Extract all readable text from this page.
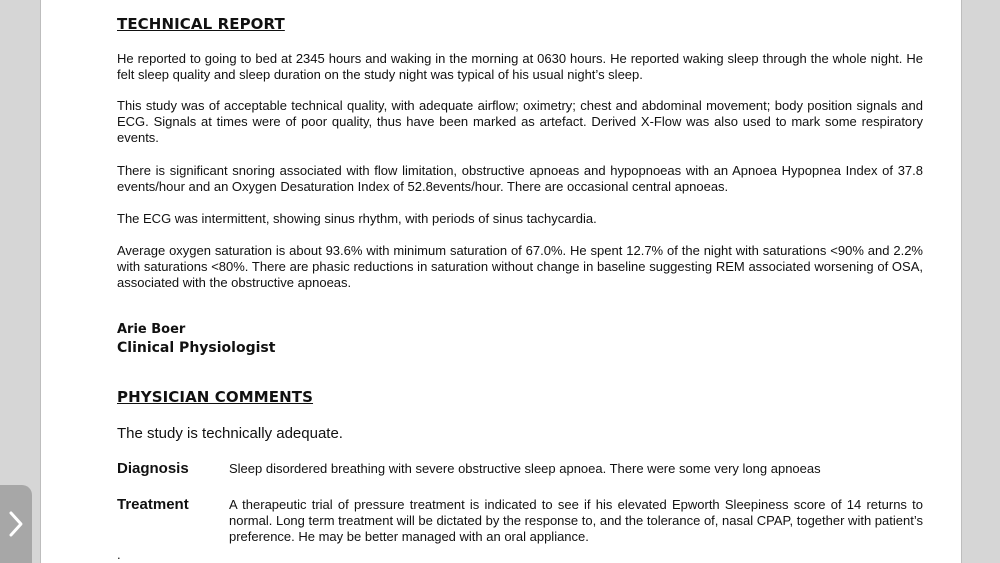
TECHNICAL REPORT

He reported to going to bed at 2345 hours and waking in the morning at 0630 hours. He reported waking sleep through the whole night. He felt sleep quality and sleep duration on the study night was typical of his usual night’s sleep.

This study was of acceptable technical quality, with adequate airflow; oximetry; chest and abdominal movement; body position signals and ECG. Signals at times were of poor quality, thus have been marked as artefact. Derived X-Flow was also used to mark some respiratory events.

There is significant snoring associated with flow limitation, obstructive apnoeas and hypopnoeas with an Apnoea Hypopnea Index of 37.8 events/hour and an Oxygen Desaturation Index of 52.8events/hour. There are occasional central apnoeas.

The ECG was intermittent, showing sinus rhythm, with periods of sinus tachycardia.

Average oxygen saturation is about 93.6% with minimum saturation of 67.0%. He spent 12.7% of the night with saturations <90% and 2.2% with saturations <80%. There are phasic reductions in saturation without change in baseline suggesting REM associated worsening of OSA, associated with the obstructive apnoeas.

Arie Boer
Clinical Physiologist
PHYSICIAN COMMENTS
The study is technically adequate.
Diagnosis	Sleep disordered breathing with severe obstructive sleep apnoea. There were some very long apnoeas

Treatment	A therapeutic trial of pressure treatment is indicated to see if his elevated Epworth Sleepiness score of 14 returns to normal. Long term treatment will be dictated by the response to, and the tolerance of, nasal CPAP, together with patient’s preference. He may be better managed with an oral appliance.

.
